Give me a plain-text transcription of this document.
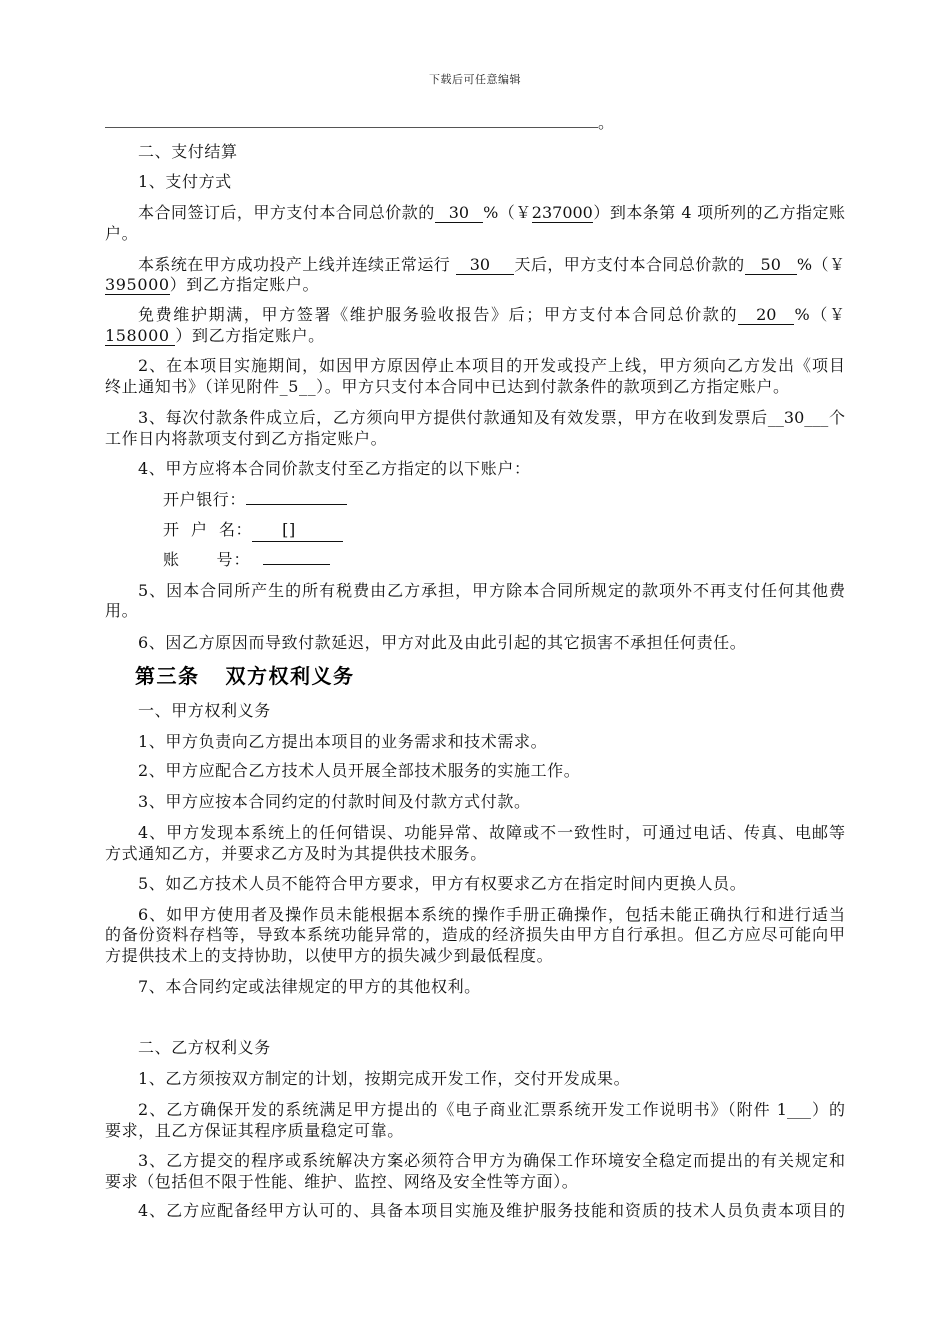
下载后可任意编辑
。
二、支付结算
1、支付方式
本合同签订后，甲方支付本合同总价款的 30 %（￥237000）到本条第 4 项所列的乙方指定账
户。
本系统在甲方成功投产上线并连续正常运行 30 天后，甲方支付本合同总价款的 50 %（￥
395000）到乙方指定账户。
免费维护期满，甲方签署《维护服务验收报告》后；甲方支付本合同总价款的 20 %（￥
158000 ）到乙方指定账户。
2、在本项目实施期间，如因甲方原因停止本项目的开发或投产上线，甲方须向乙方发出《项目
终止通知书》（详见附件_5__）。甲方只支付本合同中已达到付款条件的款项到乙方指定账户。
3、每次付款条件成立后，乙方须向甲方提供付款通知及有效发票，甲方在收到发票后__30___个
工作日内将款项支付到乙方指定账户。
4、甲方应将本合同价款支付至乙方指定的以下账户：
开户银行：
开  户  名： []
账      号：
5、因本合同所产生的所有税费由乙方承担，甲方除本合同所规定的款项外不再支付任何其他费
用。
6、因乙方原因而导致付款延迟，甲方对此及由此引起的其它损害不承担任何责任。
第三条 双方权利义务
一、甲方权利义务
1、甲方负责向乙方提出本项目的业务需求和技术需求。
2、甲方应配合乙方技术人员开展全部技术服务的实施工作。
3、甲方应按本合同约定的付款时间及付款方式付款。
4、甲方发现本系统上的任何错误、功能异常、故障或不一致性时，可通过电话、传真、电邮等
方式通知乙方，并要求乙方及时为其提供技术服务。
5、如乙方技术人员不能符合甲方要求，甲方有权要求乙方在指定时间内更换人员。
6、如甲方使用者及操作员未能根据本系统的操作手册正确操作，包括未能正确执行和进行适当
的备份资料存档等，导致本系统功能异常的，造成的经济损失由甲方自行承担。但乙方应尽可能向甲
方提供技术上的支持协助，以使甲方的损失减少到最低程度。
7、本合同约定或法律规定的甲方的其他权利。
二、乙方权利义务
1、乙方须按双方制定的计划，按期完成开发工作，交付开发成果。
2、乙方确保开发的系统满足甲方提出的《电子商业汇票系统开发工作说明书》（附件 1___）的
要求，且乙方保证其程序质量稳定可靠。
3、乙方提交的程序或系统解决方案必须符合甲方为确保工作环境安全稳定而提出的有关规定和
要求（包括但不限于性能、维护、监控、网络及安全性等方面）。
4、乙方应配备经甲方认可的、具备本项目实施及维护服务技能和资质的技术人员负责本项目的
